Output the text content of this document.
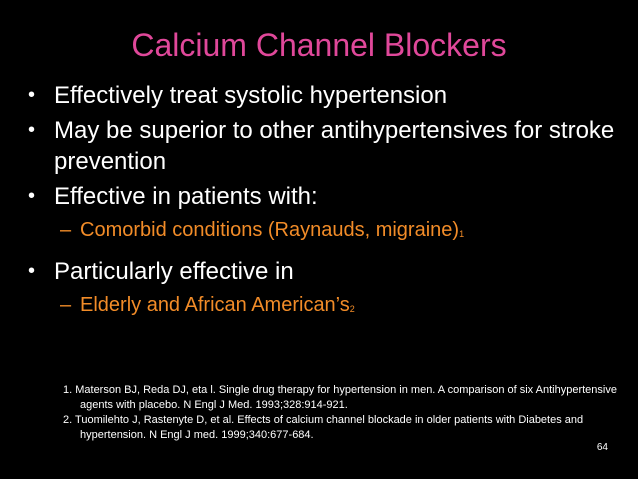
Calcium Channel Blockers
• Effectively treat systolic hypertension
• May be superior to other antihypertensives for stroke prevention
• Effective in patients with:
– Comorbid conditions (Raynauds, migraine)$^1$
• Particularly effective in
– Elderly and African $American’s^2$
1. Materson BJ, Reda DJ, eta l. Single drug therapy for hypertension in men. A comparison of six Antihypertensive agents with placebo. N Engl J Med. 1993;328:914-921.
2. Tuomilehto J, Rastenyte D, et al. Effects of calcium channel blockade in older patients with Diabetes and hypertension. N Engl J med. 1999;340:677-684.
64
